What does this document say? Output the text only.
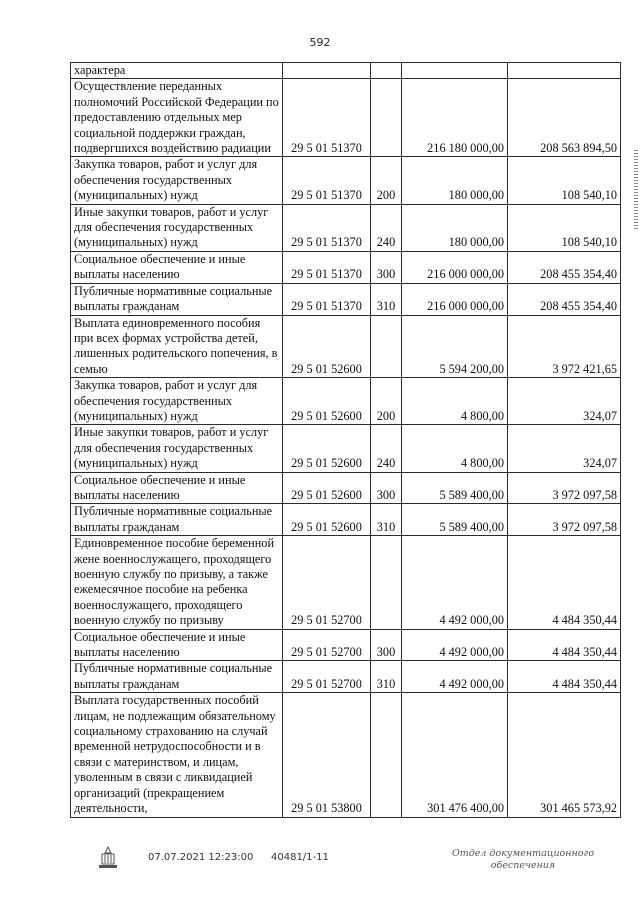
592
характера				
Осуществление переданных полномочий Российской Федерации по предоставлению отдельных мер социальной поддержки граждан, подвергшихся воздействию радиации	29 5 01 51370		216 180 000,00	208 563 894,50
Закупка товаров, работ и услуг для обеспечения государственных (муниципальных) нужд	29 5 01 51370	200	180 000,00	108 540,10
Иные закупки товаров, работ и услуг для обеспечения государственных (муниципальных) нужд	29 5 01 51370	240	180 000,00	108 540,10
Социальное обеспечение и иные выплаты населению	29 5 01 51370	300	216 000 000,00	208 455 354,40
Публичные нормативные социальные выплаты гражданам	29 5 01 51370	310	216 000 000,00	208 455 354,40
Выплата единовременного пособия при всех формах устройства детей, лишенных родительского попечения, в семью	29 5 01 52600		5 594 200,00	3 972 421,65
Закупка товаров, работ и услуг для обеспечения государственных (муниципальных) нужд	29 5 01 52600	200	4 800,00	324,07
Иные закупки товаров, работ и услуг для обеспечения государственных (муниципальных) нужд	29 5 01 52600	240	4 800,00	324,07
Социальное обеспечение и иные выплаты населению	29 5 01 52600	300	5 589 400,00	3 972 097,58
Публичные нормативные социальные выплаты гражданам	29 5 01 52600	310	5 589 400,00	3 972 097,58
Единовременное пособие беременной жене военнослужащего, проходящего военную службу по призыву, а также ежемесячное пособие на ребенка военнослужащего, проходящего военную службу по призыву	29 5 01 52700		4 492 000,00	4 484 350,44
Социальное обеспечение и иные выплаты населению	29 5 01 52700	300	4 492 000,00	4 484 350,44
Публичные нормативные социальные выплаты гражданам	29 5 01 52700	310	4 492 000,00	4 484 350,44
Выплата государственных пособий лицам, не подлежащим обязательному социальному страхованию на случай временной нетрудоспособности и в связи с материнством, и лицам, уволенным в связи с ликвидацией организаций (прекращением деятельности,	29 5 01 53800		301 476 400,00	301 465 573,92
07.07.2021 12:23:00 40481/1-11	Отдел документационного
обеспечения
